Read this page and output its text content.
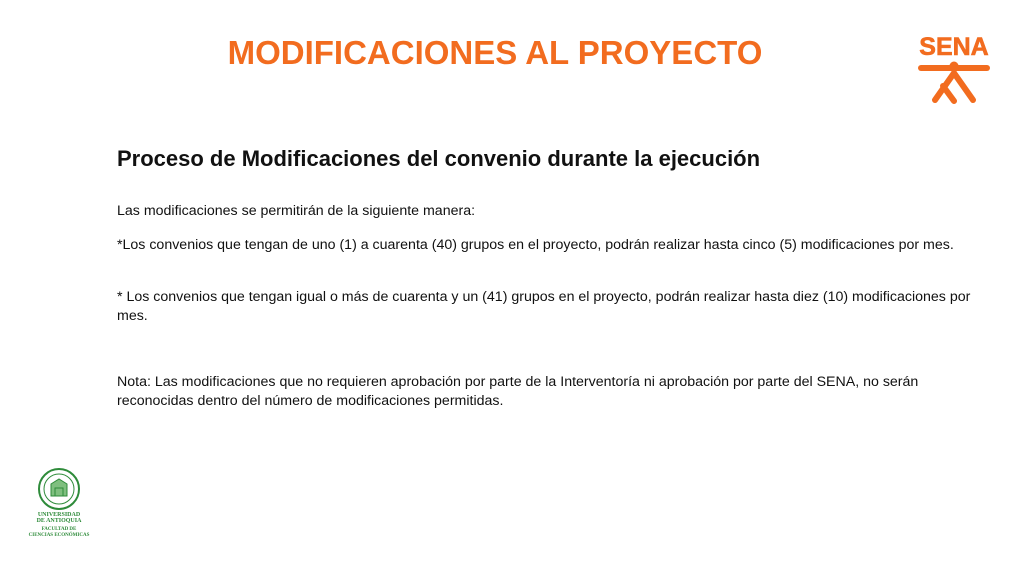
MODIFICACIONES AL PROYECTO	SENA
Proceso de Modificaciones del convenio durante la ejecución

Las modificaciones se permitirán de la siguiente manera:

*Los convenios que tengan de uno (1) a cuarenta (40) grupos en el proyecto, podrán realizar hasta cinco (5) modificaciones por mes.

* Los convenios que tengan igual o más de cuarenta y un (41) grupos en el proyecto, podrán realizar hasta diez (10) modificaciones por mes.

Nota: Las modificaciones que no requieren aprobación por parte de la Interventoría ni aprobación por parte del SENA, no serán reconocidas dentro del número de modificaciones permitidas.

UNIVERSIDAD
DE ANTIOQUIA
FACULTAD DE
CIENCIAS ECONÓMICAS
